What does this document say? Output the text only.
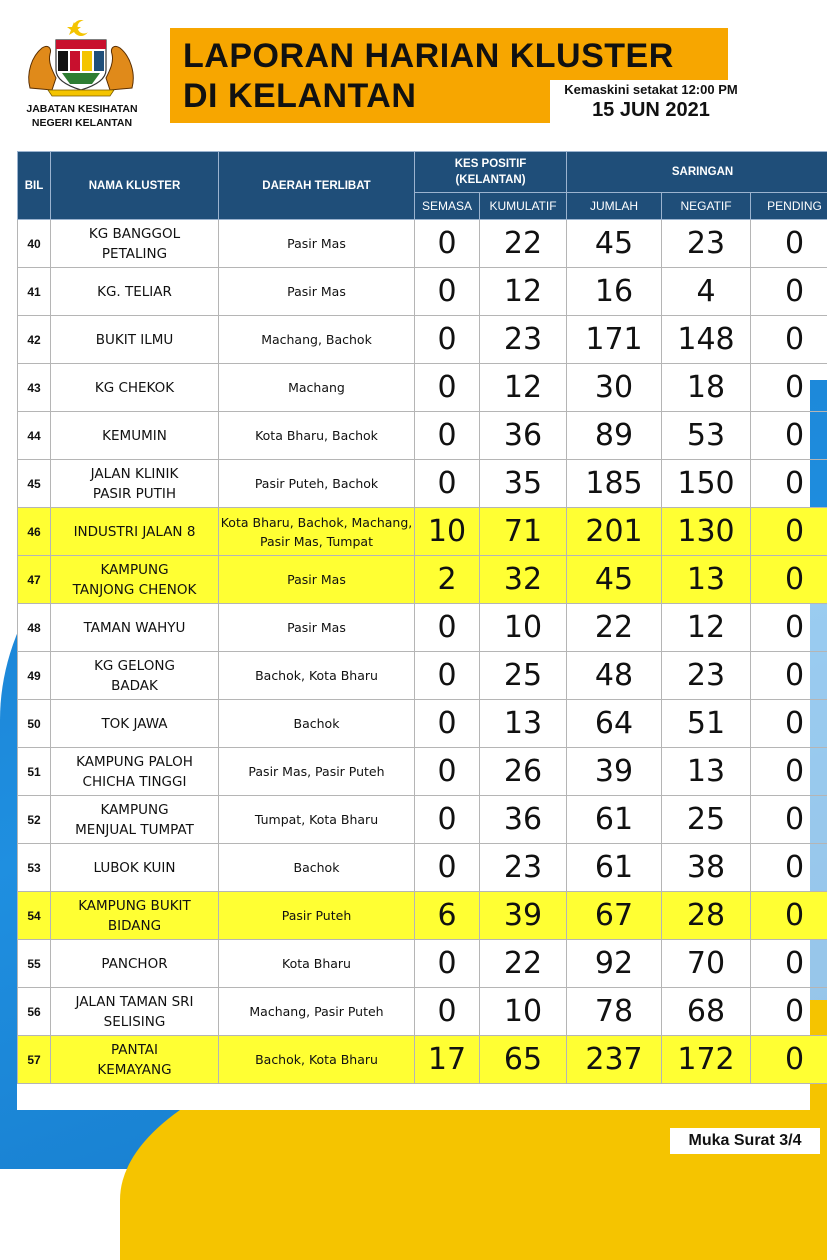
JABATAN KESIHATAN
NEGERI KELANTAN
LAPORAN HARIAN KLUSTER
DI KELANTAN	Kemaskini setakat 12:00 PM
15 JUN 2021
BIL	NAMA KLUSTER	DAERAH TERLIBAT	KES POSITIF
(KELANTAN)		SARINGAN		
			SEMASA	KUMULATIF	JUMLAH	NEGATIF	PENDING
40	KG BANGGOL
PETALING	Pasir Mas	0	22	45	23	0
41	KG. TELIAR	Pasir Mas	0	12	16	4	0
42	BUKIT ILMU	Machang, Bachok	0	23	171	148	0
43	KG CHEKOK	Machang	0	12	30	18	0
44	KEMUMIN	Kota Bharu, Bachok	0	36	89	53	0
45	JALAN KLINIK
PASIR PUTIH	Pasir Puteh, Bachok	0	35	185	150	0
46	INDUSTRI JALAN 8	Kota Bharu, Bachok, Machang,
Pasir Mas, Tumpat	10	71	201	130	0
47	KAMPUNG
TANJONG CHENOK	Pasir Mas	2	32	45	13	0
48	TAMAN WAHYU	Pasir Mas	0	10	22	12	0
49	KG GELONG
BADAK	Bachok, Kota Bharu	0	25	48	23	0
50	TOK JAWA	Bachok	0	13	64	51	0
51	KAMPUNG PALOH
CHICHA TINGGI	Pasir Mas, Pasir Puteh	0	26	39	13	0
52	KAMPUNG
MENJUAL TUMPAT	Tumpat, Kota Bharu	0	36	61	25	0
53	LUBOK KUIN	Bachok	0	23	61	38	0
54	KAMPUNG BUKIT
BIDANG	Pasir Puteh	6	39	67	28	0
55	PANCHOR	Kota Bharu	0	22	92	70	0
56	JALAN TAMAN SRI
SELISING	Machang, Pasir Puteh	0	10	78	68	0
57	PANTAI
KEMAYANG	Bachok, Kota Bharu	17	65	237	172	0
Muka Surat 3/4
